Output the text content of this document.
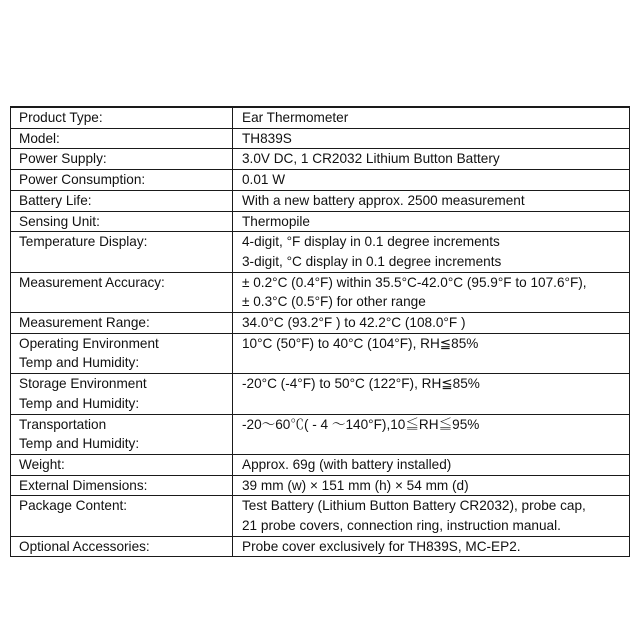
Product Type:	Ear Thermometer

Model:	TH839S

Power Supply:	3.0V DC, 1 CR2032 Lithium Button Battery

Power Consumption:	0.01 W

Battery Life:	With a new battery approx. 2500 measurement

Sensing Unit:	Thermopile

Temperature Display:	4-digit, °F display in 0.1 degree increments
3-digit, °C display in 0.1 degree increments

Measurement Accuracy:	± 0.2°C (0.4°F) within 35.5°C-42.0°C (95.9°F to 107.6°F),
± 0.3°C (0.5°F) for other range

Measurement Range:	34.0°C (93.2°F ) to 42.2°C (108.0°F )

Operating Environment
Temp and Humidity:	10°C (50°F) to 40°C (104°F), RH≦85%

Storage Environment
Temp and Humidity:	-20°C (-4°F) to 50°C (122°F), RH≦85%

Transportation
Temp and Humidity:	-20～60℃( - 4 ～140°F),10≦RH≦95%

Weight:	Approx. 69g (with battery installed)

External Dimensions:	39 mm (w) × 151 mm (h) × 54 mm (d)

Package Content:	Test Battery (Lithium Button Battery CR2032), probe cap,
21 probe covers, connection ring, instruction manual.

Optional Accessories:	Probe cover exclusively for TH839S, MC-EP2.
